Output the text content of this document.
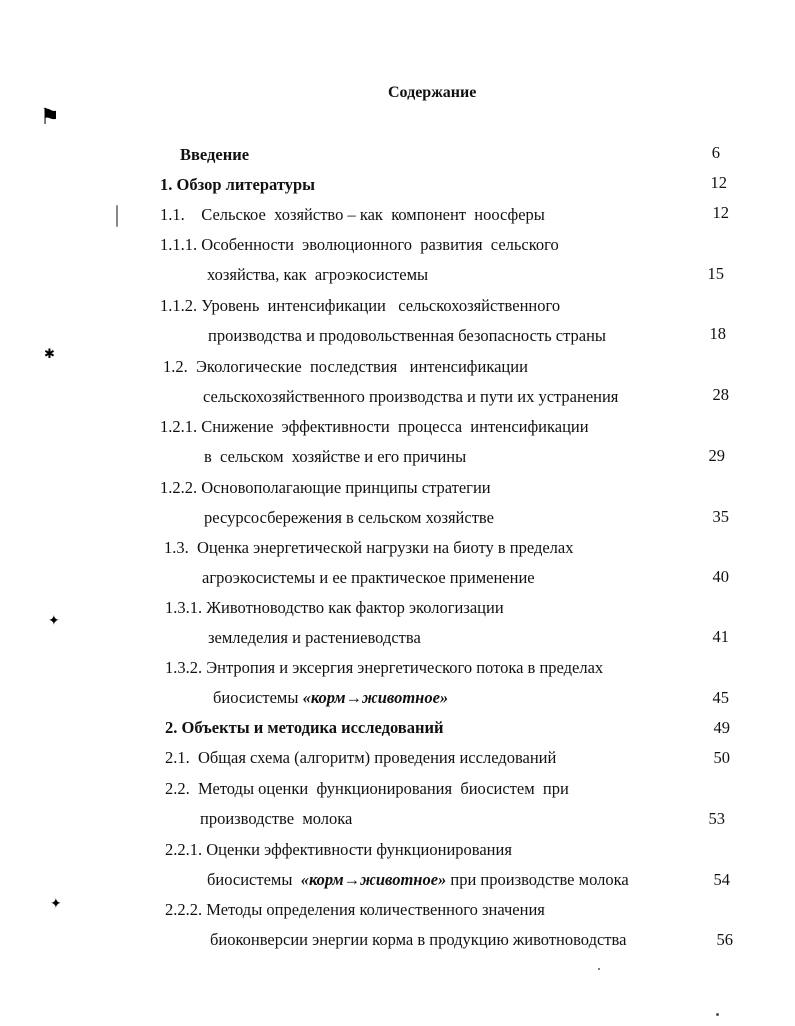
⚑
✱
✦
✦
Содержание
Введение	6
1. Обзор литературы	12
1.1. Сельское  хозяйство – как  компонент  ноосферы	12
1.1.1. Особенности  эволюционного  развития  сельского
хозяйства, как  агроэкосистемы	15
1.1.2. Уровень  интенсификации   сельскохозяйственного
производства и продовольственная безопасность страны	18
1.2. Экологические  последствия   интенсификации
сельскохозяйственного производства и пути их устранения	28
1.2.1. Снижение  эффективности  процесса  интенсификации
в  сельском  хозяйстве и его причины	29
1.2.2. Основополагающие принципы стратегии
ресурсосбережения в сельском хозяйстве	35
1.3. Оценка энергетической нагрузки на биоту в пределах
агроэкосистемы и ее практическое применение	40
1.3.1. Животноводство как фактор экологизации
земледелия и растениеводства	41
1.3.2. Энтропия и эксергия энергетического потока в пределах
биосистемы «корм→животное»	45
2. Объекты и методика исследований	49
2.1. Общая схема (алгоритм) проведения исследований	50
2.2. Методы оценки  функционирования  биосистем  при
производстве  молока	53
2.2.1. Оценки эффективности функционирования
биосистемы  «корм→животное» при производстве молока	54
2.2.2. Методы определения количественного значения
биоконверсии энергии корма в продукцию животноводства	56
